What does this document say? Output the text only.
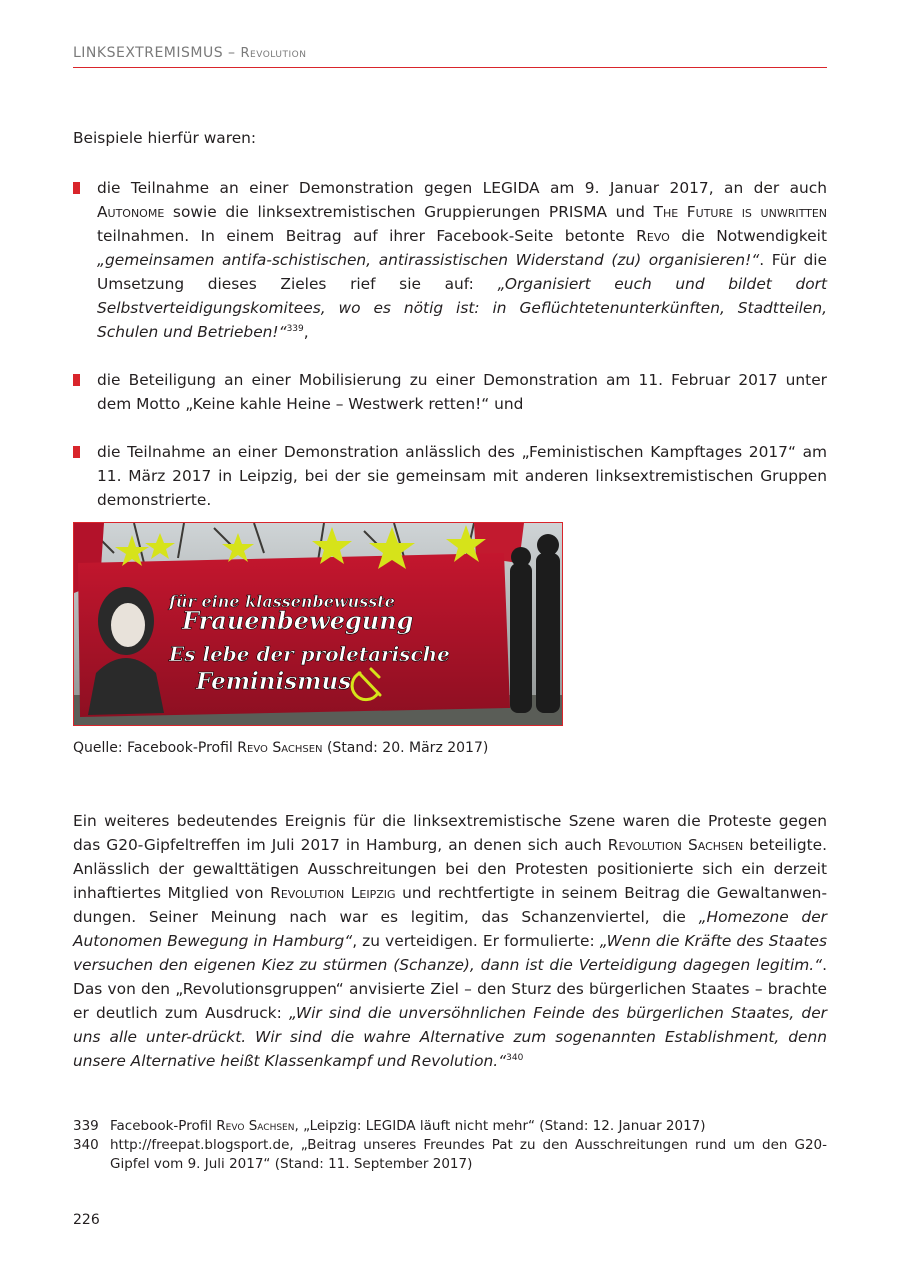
LINKSEXTREMISMUS – Revolution
Beispiele hierfür waren:
die Teilnahme an einer Demonstration gegen LEGIDA am 9. Januar 2017, an der auch Autonome sowie die linksextremistischen Gruppierungen PRISMA und The Future is unwritten teilnahmen. In einem Beitrag auf ihrer Facebook-Seite betonte Revo die Notwendigkeit „gemeinsamen antifa-schistischen, antirassistischen Widerstand (zu) organisieren!“. Für die Umsetzung dieses Zieles rief sie auf: „Organisiert euch und bildet dort Selbstverteidigungskomitees, wo es nötig ist: in Geflüchtetenunterkünften, Stadtteilen, Schulen und Betrieben!“$^{339}$,
die Beteiligung an einer Mobilisierung zu einer Demonstration am 11. Februar 2017 unter dem Motto „Keine kahle Heine – Westwerk retten!“ und
die Teilnahme an einer Demonstration anlässlich des „Feministischen Kampftages 2017“ am 11. März 2017 in Leipzig, bei der sie gemeinsam mit anderen linksextremistischen Gruppen demonstrierte.
für eine klassenbewusste
Frauenbewegung
Es lebe der proletarische
Feminismus
Quelle: Facebook-Profil Revo Sachsen (Stand: 20. März 2017)
Ein weiteres bedeutendes Ereignis für die linksextremistische Szene waren die Proteste gegen das G20-Gipfeltreffen im Juli 2017 in Hamburg, an denen sich auch Revolution Sachsen beteiligte. Anlässlich der gewalttätigen Ausschreitungen bei den Protesten positionierte sich ein derzeit inhaftiertes Mitglied von Revolution Leipzig und rechtfertigte in seinem Beitrag die Gewaltanwen-dungen. Seiner Meinung nach war es legitim, das Schanzenviertel, die „Homezone der Autonomen Bewegung in Hamburg“, zu verteidigen. Er formulierte: „Wenn die Kräfte des Staates versuchen den eigenen Kiez zu stürmen (Schanze), dann ist die Verteidigung dagegen legitim.“. Das von den „Revolutionsgruppen“ anvisierte Ziel – den Sturz des bürgerlichen Staates – brachte er deutlich zum Ausdruck: „Wir sind die unversöhnlichen Feinde des bürgerlichen Staates, der uns alle unter-drückt. Wir sind die wahre Alternative zum sogenannten Establishment, denn unsere Alternative heißt Klassenkampf und Revolution.“$^{340}$
339 Facebook-Profil Revo Sachsen, „Leipzig: LEGIDA läuft nicht mehr“ (Stand: 12. Januar 2017)
340 http://freepat.blogsport.de, „Beitrag unseres Freundes Pat zu den Ausschreitungen rund um den G20-Gipfel vom 9. Juli 2017“ (Stand: 11. September 2017)
226
